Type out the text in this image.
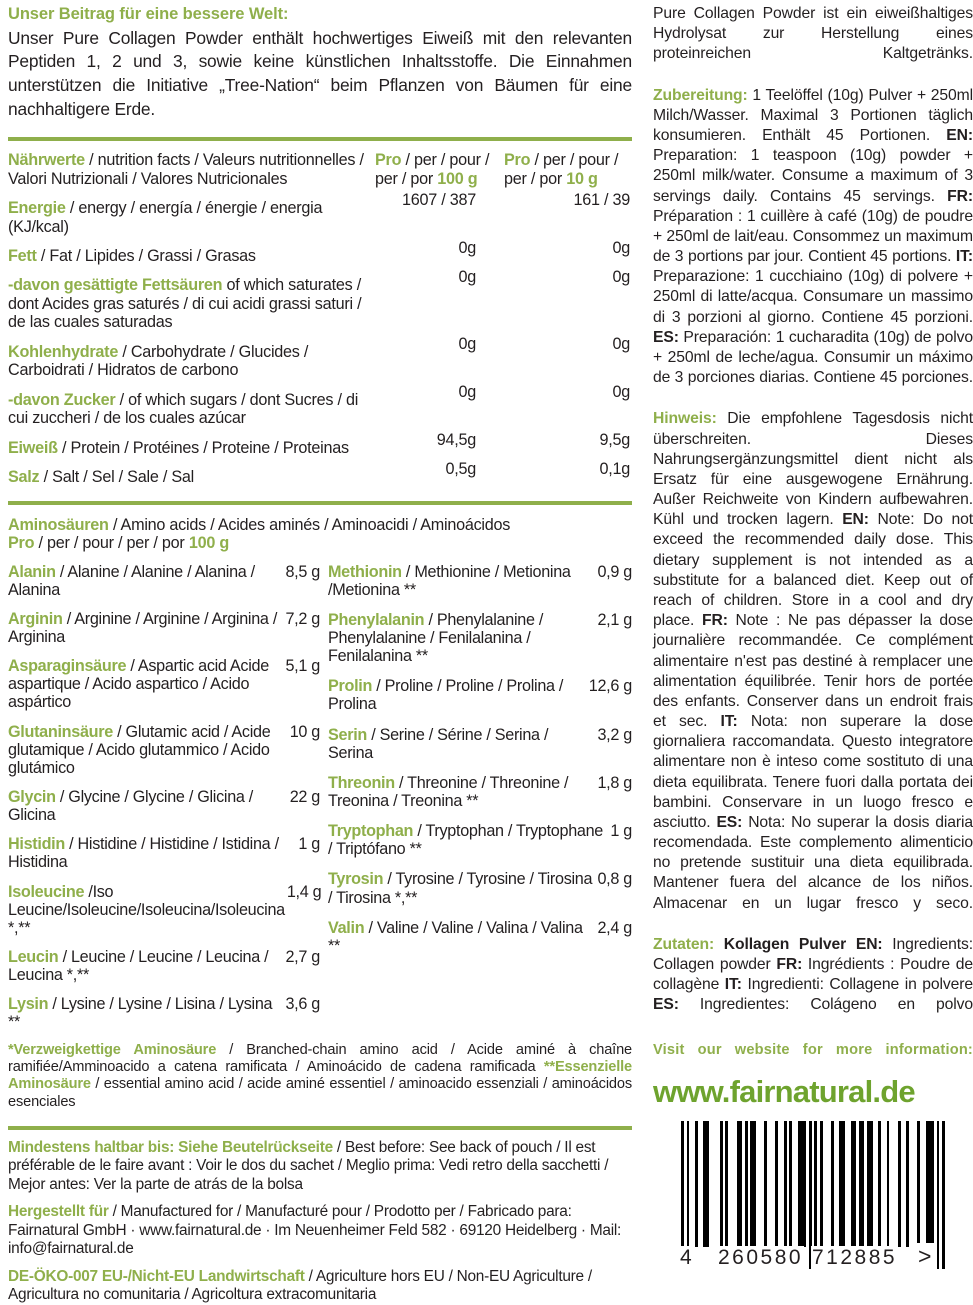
Unser Beitrag für eine bessere Welt:
Unser Pure Collagen Powder enthält hochwertiges Eiweiß mit den relevanten Peptiden 1, 2 und 3, sowie keine künstlichen Inhaltsstoffe. Die Einnahmen unterstützen die Initiative „Tree-Nation“ beim Pflanzen von Bäumen für eine nachhaltigere Erde.
Nährwerte / nutrition facts / Valeurs nutritionnelles / Valori Nutrizionali / Valores Nutricionales
Pro / per / pour / per / por 100 g
Pro / per / pour / per / por 10 g
Energie / energy / energía / énergie / energia (KJ/kcal)
1607 / 387	161 / 39
Fett / Fat / Lipides / Grassi / Grasas	0g	0g
-davon gesättigte Fettsäuren of which saturates / dont Acides gras saturés / di cui acidi grassi saturi / de las cuales saturadas
0g	0g
Kohlenhydrate / Carbohydrate / Glucides / Carboidrati / Hidratos de carbono
0g	0g
-davon Zucker / of which sugars / dont Sucres / di cui zuccheri / de los cuales azúcar
0g	0g
Eiweiß / Protein / Protéines / Proteine / Proteinas	94,5g	9,5g
Salz / Salt / Sel / Sale / Sal	0,5g	0,1g
Aminosäuren / Amino acids / Acides aminés / Aminoacidi / Aminoácidos
Pro / per / pour / per / por 100 g
Alanin / Alanine / Alanine / Alanina / Alanina
8,5 g
Arginin / Arginine / Arginine / Arginina / Arginina
7,2 g
Asparaginsäure / Aspartic acid Acide aspartique / Acido aspartico / Acido aspártico
5,1 g
Glutaninsäure / Glutamic acid / Acide glutamique / Acido glutammico / Acido glutámico
10 g
Glycin / Glycine / Glycine / Glicina / Glicina
22 g
Histidin / Histidine / Histidine / Istidina / Histidina
1 g
Isoleucine /Iso Leucine/Isoleucine/Isoleucina/Isoleucina *,**
1,4 g
Leucin / Leucine / Leucine / Leucina / Leucina *,**
2,7 g
Lysin / Lysine / Lysine / Lisina / Lysina **
3,6 g
Methionin / Methionine / Metionina /Metionina **
0,9 g
Phenylalanin / Phenylalanine / Phenylalanine / Fenilalanina / Fenilalanina **
2,1 g
Prolin / Proline / Proline / Prolina / Prolina
12,6 g
Serin / Serine / Sérine / Serina / Serina
3,2 g
Threonin / Threonine / Threonine / Treonina / Treonina **
1,8 g
Tryptophan / Tryptophan / Tryptophane / Triptófano **
1 g
Tyrosin / Tyrosine / Tyrosine / Tirosina / Tirosina *,**
0,8 g
Valin / Valine / Valine / Valina / Valina **
2,4 g
*Verzweigkettige Aminosäure / Branched-chain amino acid / Acide aminé à chaîne ramifiée/Amminoacido a catena ramificata / Aminoácido de cadena ramificada **Essenzielle Aminosäure / essential amino acid / acide aminé essentiel / aminoacido essenziali / aminoácidos esenciales
Mindestens haltbar bis: Siehe Beutelrückseite / Best before: See back of pouch / Il est préférable de le faire avant : Voir le dos du sachet / Meglio prima: Vedi retro della sacchetti / Mejor antes: Ver la parte de atrás de la bolsa
Hergestellt für / Manufactured for / Manufacturé pour / Prodotto per / Fabricado para: Fairnatural GmbH · www.fairnatural.de · Im Neuenheimer Feld 582 · 69120 Heidelberg · Mail: info@fairnatural.de
DE-ÖKO-007 EU-/Nicht-EU Landwirtschaft / Agriculture hors EU / Non-EU Agriculture / Agricultura no comunitaria / Agricoltura extracomunitaria
Pure Collagen Powder ist ein eiweißhaltiges Hydrolysat zur Herstellung eines proteinreichen Kaltgetränks.
Zubereitung: 1 Teelöffel (10g) Pulver + 250ml Milch/Wasser. Maximal 3 Portionen täglich konsumieren. Enthält 45 Portionen. EN: Preparation: 1 teaspoon (10g) powder + 250ml milk/water. Consume a maximum of 3 servings daily. Contains 45 servings. FR: Préparation : 1 cuillère à café (10g) de poudre + 250ml de lait/eau. Consommez un maximum de 3 portions par jour. Contient 45 portions. IT: Preparazione: 1 cucchiaino (10g) di polvere + 250ml di latte/acqua. Consumare un massimo di 3 porzioni al giorno. Contiene 45 porzioni. ES: Preparación: 1 cucharadita (10g) de polvo + 250ml de leche/agua. Consumir un máximo de 3 porciones diarias. Contiene 45 porciones.
Hinweis: Die empfohlene Tagesdosis nicht überschreiten. Dieses Nahrungsergänzungsmittel dient nicht als Ersatz für eine ausgewogene Ernährung. Außer Reichweite von Kindern aufbewahren. Kühl und trocken lagern. EN: Note: Do not exceed the recommended daily dose. This dietary supplement is not intended as a substitute for a balanced diet. Keep out of reach of children. Store in a cool and dry place. FR: Note : Ne pas dépasser la dose journalière recommandée. Ce complément alimentaire n'est pas destiné à remplacer une alimentation équilibrée. Tenir hors de portée des enfants. Conserver dans un endroit frais et sec. IT: Nota: non superare la dose giornaliera raccomandata. Questo integratore alimentare non è inteso come sostituto di una dieta equilibrata. Tenere fuori dalla portata dei bambini. Conservare in un luogo fresco e asciutto. ES: Nota: No superar la dosis diaria recomendada. Este complemento alimenticio no pretende sustituir una dieta equilibrada. Mantener fuera del alcance de los niños. Almacenar en un lugar fresco y seco.
Zutaten: Kollagen Pulver EN: Ingredients: Collagen powder FR: Ingrédients : Poudre de collagène IT: Ingredienti: Collagene in polvere ES: Ingredientes: Colágeno en polvo
Visit our website for more information:
www.fairnatural.de
4 260580 712885 >
